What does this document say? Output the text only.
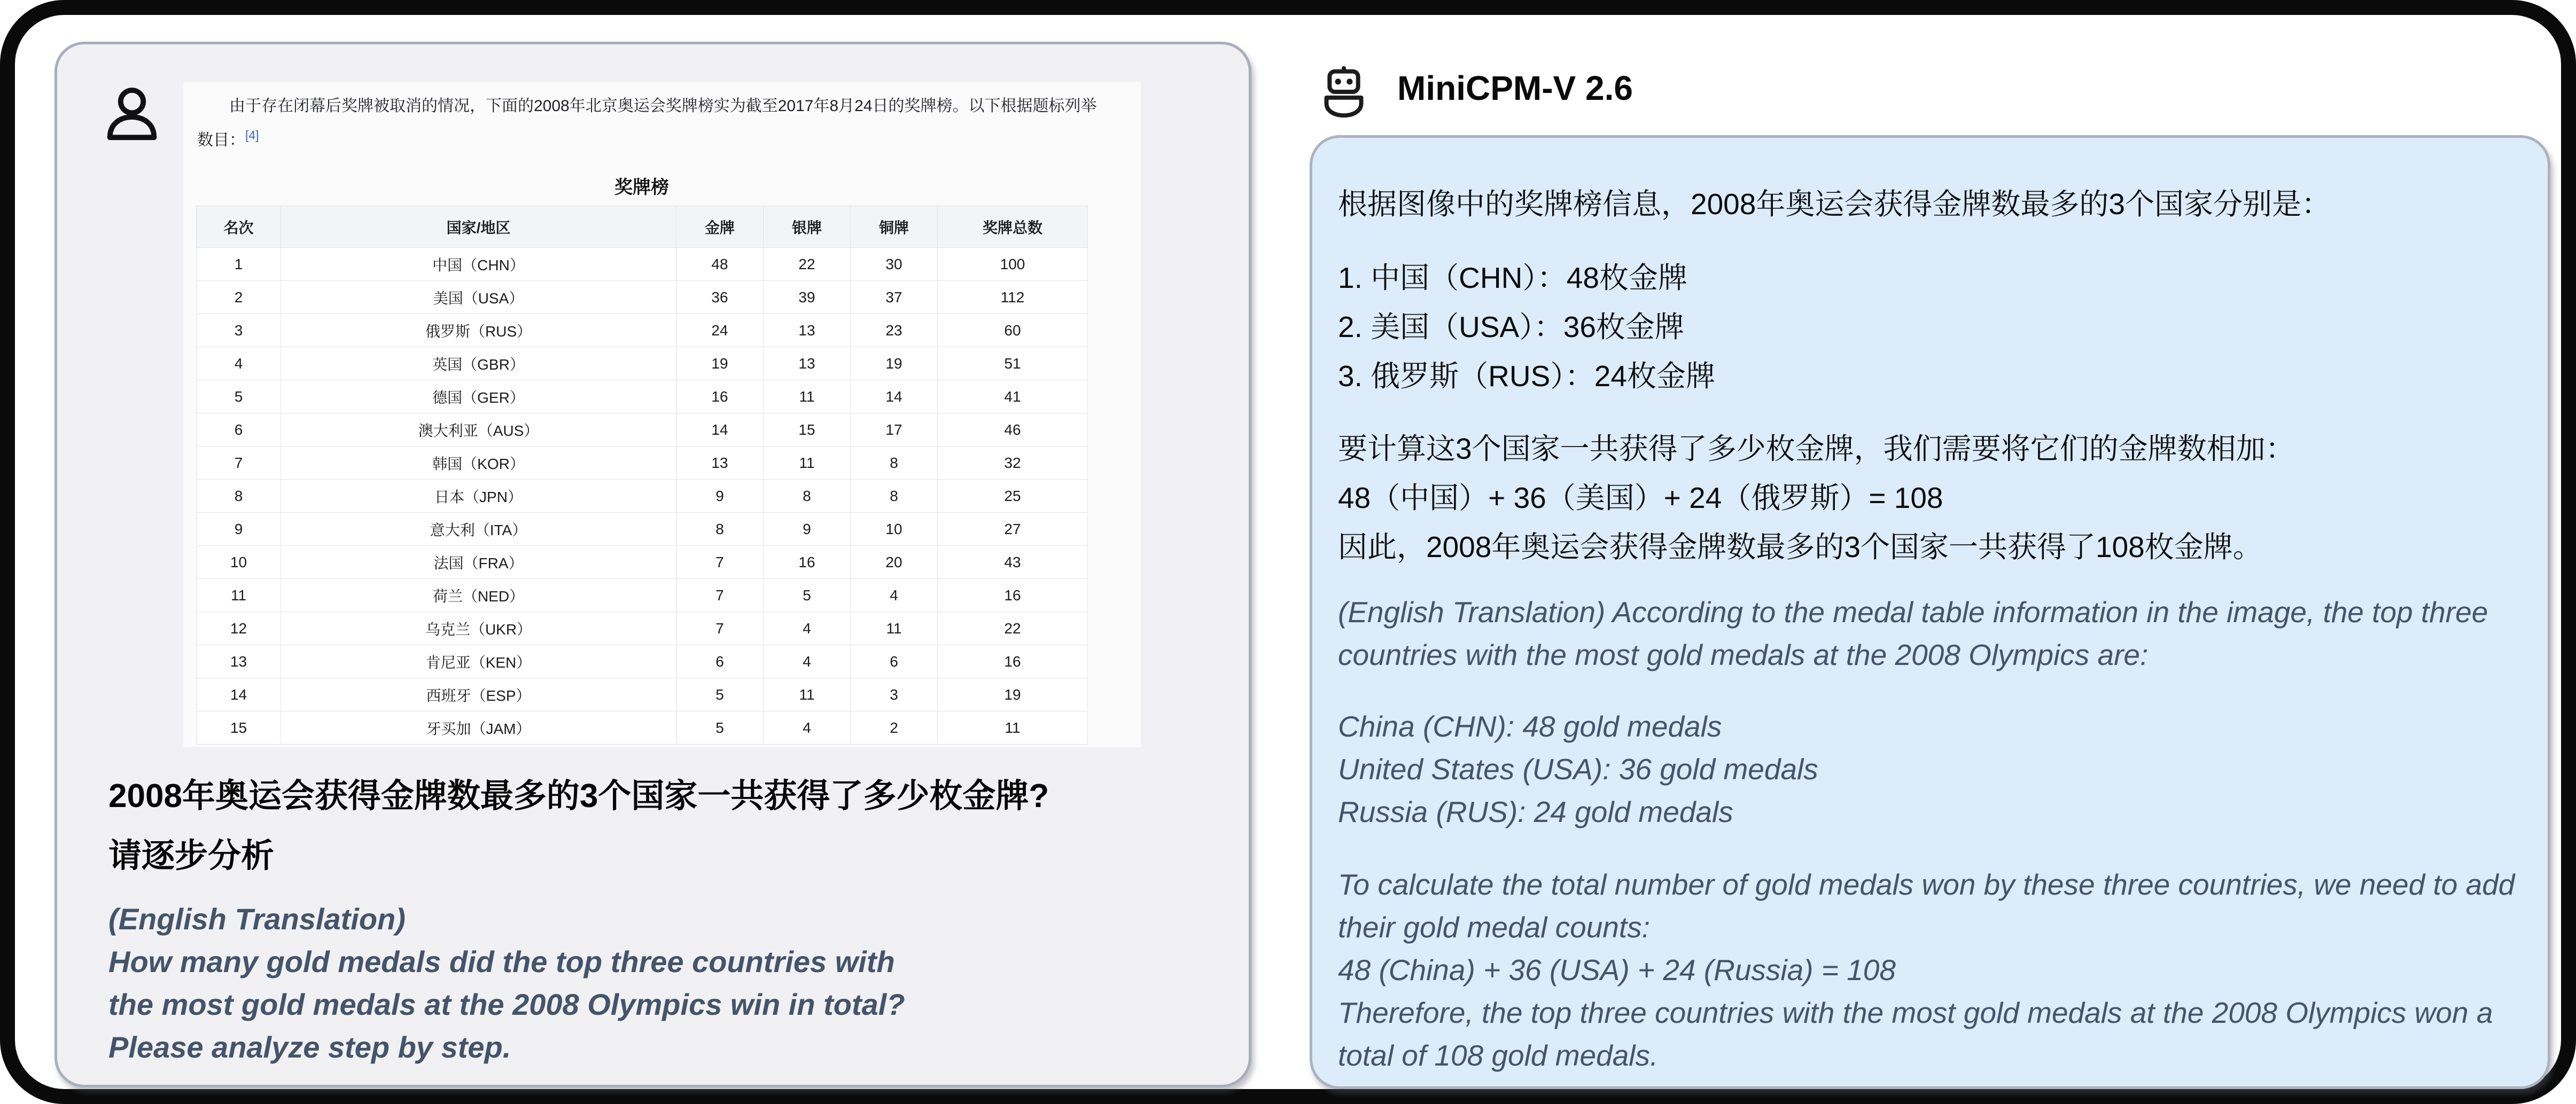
由于存在闭幕后奖牌被取消的情况，下面的2008年北京奥运会奖牌榜实为截至2017年8月24日的奖牌榜。以下根据题标列举
数目：[4]
奖牌榜
名次	国家/地区	金牌	银牌	铜牌	奖牌总数
1	中国（CHN）	48	22	30	100
2	美国（USA）	36	39	37	112
3	俄罗斯（RUS）	24	13	23	60
4	英国（GBR）	19	13	19	51
5	德国（GER）	16	11	14	41
6	澳大利亚（AUS）	14	15	17	46
7	韩国（KOR）	13	11	8	32
8	日本（JPN）	9	8	8	25
9	意大利（ITA）	8	9	10	27
10	法国（FRA）	7	16	20	43
11	荷兰（NED）	7	5	4	16
12	乌克兰（UKR）	7	4	11	22
13	肯尼亚（KEN）	6	4	6	16
14	西班牙（ESP）	5	11	3	19
15	牙买加（JAM）	5	4	2	11
2008年奥运会获得金牌数最多的3个国家一共获得了多少枚金牌?
请逐步分析
(English Translation)
How many gold medals did the top three countries with the most gold medals at the 2008 Olympics win in total? Please analyze step by step.
MiniCPM-V 2.6
根据图像中的奖牌榜信息，2008年奥运会获得金牌数最多的3个国家分别是：
1. 中国（CHN）：48枚金牌
2. 美国（USA）：36枚金牌
3. 俄罗斯（RUS）：24枚金牌
要计算这3个国家一共获得了多少枚金牌，我们需要将它们的金牌数相加：
48（中国）+ 36（美国）+ 24（俄罗斯）= 108
因此，2008年奥运会获得金牌数最多的3个国家一共获得了108枚金牌。
(English Translation) According to the medal table information in the image, the top three countries with the most gold medals at the 2008 Olympics are:
China (CHN): 48 gold medals
United States (USA): 36 gold medals
Russia (RUS): 24 gold medals
To calculate the total number of gold medals won by these three countries, we need to add their gold medal counts:
48 (China) + 36 (USA) + 24 (Russia) = 108
Therefore, the top three countries with the most gold medals at the 2008 Olympics won a total of 108 gold medals.
